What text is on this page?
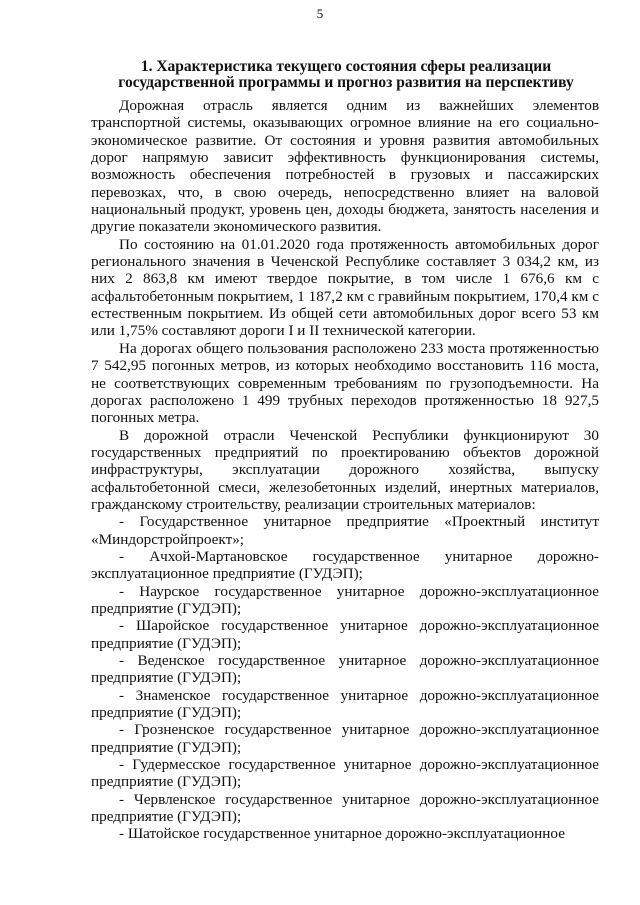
5
1. Характеристика текущего состояния сферы реализации государственной программы и прогноз развития на перспективу

Дорожная отрасль является одним из важнейших элементов транспортной системы, оказывающих огромное влияние на его социально-экономическое развитие. От состояния и уровня развития автомобильных дорог напрямую зависит эффективность функционирования системы, возможность обеспечения потребностей в грузовых и пассажирских перевозках, что, в свою очередь, непосредственно влияет на валовой национальный продукт, уровень цен, доходы бюджета, занятость населения и другие показатели экономического развития.

По состоянию на 01.01.2020 года протяженность автомобильных дорог регионального значения в Чеченской Республике составляет 3 034,2 км, из них 2 863,8 км имеют твердое покрытие, в том числе 1 676,6 км с асфальтобетонным покрытием, 1 187,2 км с гравийным покрытием, 170,4 км с естественным покрытием. Из общей сети автомобильных дорог всего 53 км или 1,75% составляют дороги I и II технической категории.

На дорогах общего пользования расположено 233 моста протяженностью 7 542,95 погонных метров, из которых необходимо восстановить 116 моста, не соответствующих современным требованиям по грузоподъемности. На дорогах расположено 1 499 трубных переходов протяженностью 18 927,5 погонных метра.

В дорожной отрасли Чеченской Республики функционируют 30 государственных предприятий по проектированию объектов дорожной инфраструктуры, эксплуатации дорожного хозяйства, выпуску асфальтобетонной смеси, железобетонных изделий, инертных материалов, гражданскому строительству, реализации строительных материалов:

- Государственное унитарное предприятие «Проектный институт «Миндорстройпроект»;
- Ачхой-Мартановское государственное унитарное дорожно-эксплуатационное предприятие (ГУДЭП);
- Наурское государственное унитарное дорожно-эксплуатационное предприятие (ГУДЭП);
- Шаройское государственное унитарное дорожно-эксплуатационное предприятие (ГУДЭП);
- Веденское государственное унитарное дорожно-эксплуатационное предприятие (ГУДЭП);
- Знаменское государственное унитарное дорожно-эксплуатационное предприятие (ГУДЭП);
- Грозненское государственное унитарное дорожно-эксплуатационное предприятие (ГУДЭП);
- Гудермесское государственное унитарное дорожно-эксплуатационное предприятие (ГУДЭП);
- Червленское государственное унитарное дорожно-эксплуатационное предприятие (ГУДЭП);
- Шатойское государственное унитарное дорожно-эксплуатационное
